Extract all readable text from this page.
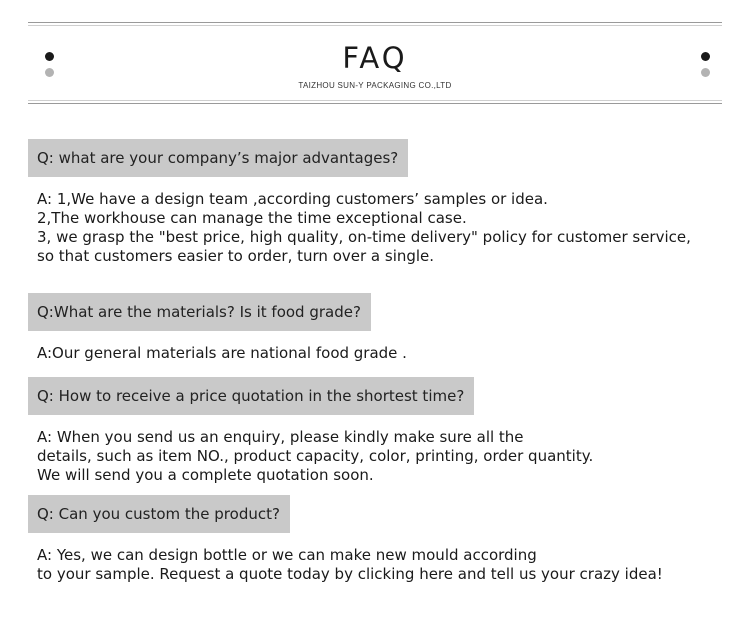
FAQ
TAIZHOU SUN-Y PACKAGING CO.,LTD
Q: what are your company’s major advantages?
A: 1,We have a design team ,according customers’ samples or idea.
2,The workhouse can manage the time exceptional case.
3, we grasp the "best price, high quality, on-time delivery" policy for customer service,
so that customers easier to order, turn over a single.
Q:What are the materials? Is it food grade?
A:Our general materials are national food grade .
Q: How to receive a price quotation in the shortest time?
A: When you send us an enquiry, please kindly make sure all the
details, such as item NO., product capacity, color, printing, order quantity.
We will send you a complete quotation soon.
Q: Can you custom the product?
A: Yes, we can design bottle or we can make new mould according
to your sample. Request a quote today by clicking here and tell us your crazy idea!
